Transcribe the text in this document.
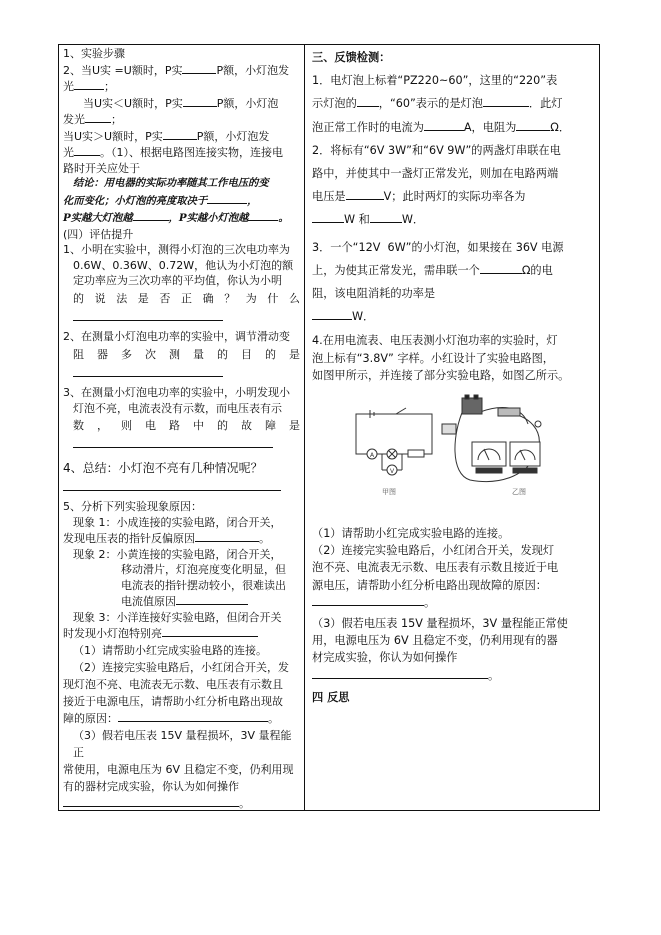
1、实验步骤

2、当U实 =U额时，P实	P额，小灯泡发

光	；

当U实＜U额时，P实	P额，小灯泡

发光 ；

当U实＞U额时，P实	P额，小灯泡发

光 。（1）、根据电路图连接实物，连接电

路时开关应处于

结论：用电器的实际功率随其工作电压的变

化而变化；小灯泡的亮度取决于	，

P实越大灯泡越	，P实越小灯泡越	。

(四）评估提升

1、小明在实验中，测得小灯泡的三次电功率为

0.6W、0.36W、0.72W，他认为小灯泡的额

定功率应为三次功率的平均值，你认为小明

的 说 法 是 否 正 确 ？ 为 什 么

2、在测量小灯泡电功率的实验中，调节滑动变

阻 器 多 次 测 量 的 目 的 是

3、在测量小灯泡电功率的实验中，小明发现小

灯泡不亮，电流表没有示数，而电压表有示

数 ， 则 电 路 中 的 故 障 是

4、总结：小灯泡不亮有几种情况呢？

5、分析下列实验现象原因：

现象 1：小成连接的实验电路，闭合开关，

发现电压表的指针反偏原因	。

现象 2：小黄连接的实验电路，闭合开关，

移动滑片，灯泡亮度变化明显，但

电流表的指针摆动较小，很难读出

电流值原因

现象 3：小洋连接好实验电路，但闭合开关

时发现小灯泡特别亮

（1）请帮助小红完成实验电路的连接。

（2）连接完实验电路后，小红闭合开关，发

现灯泡不亮、电流表无示数、电压表有示数且

接近于电源电压，请帮助小红分析电路出现故

障的原因：	。

（3）假若电压表 15V 量程损坏，3V 量程能正

常使用，电源电压为 6V 且稳定不变，仍利用现

有的器材完成实验，你认为如何操作

。

三、反馈检测：

1．电灯泡上标着“PZ220~60”，这里的“220”表

示灯泡的 ，“60”表示的是灯泡	．此灯

泡正常工作时的电流为	A，电阻为	Ω．

2．将标有“6V 3W”和“6V 9W”的两盏灯串联在电

路中，并使其中一盏灯正常发光，则加在电路两端

电压是	V；此时两灯的实际功率各为

W 和	W．

3．一个“12V  6W”的小灯泡，如果接在 36V 电源

上，为使其正常发光，需串联一个	Ω的电

阻，该电阻消耗的功率是

W．

4.在用电流表、电压表测小灯泡功率的实验时，灯

泡上标有“3.8V” 字样。小红设计了实验电路图，

如图甲所示，并连接了部分实验电路，如图乙所示。

A
V
甲图	乙图

（1）请帮助小红完成实验电路的连接。

（2）连接完实验电路后，小红闭合开关，发现灯

泡不亮、电流表无示数、电压表有示数且接近于电

源电压，请帮助小红分析电路出现故障的原因：

。

（3）假若电压表 15V 量程损坏，3V 量程能正常使

用，电源电压为 6V 且稳定不变，仍利用现有的器

材完成实验，你认为如何操作

。

四 反思
